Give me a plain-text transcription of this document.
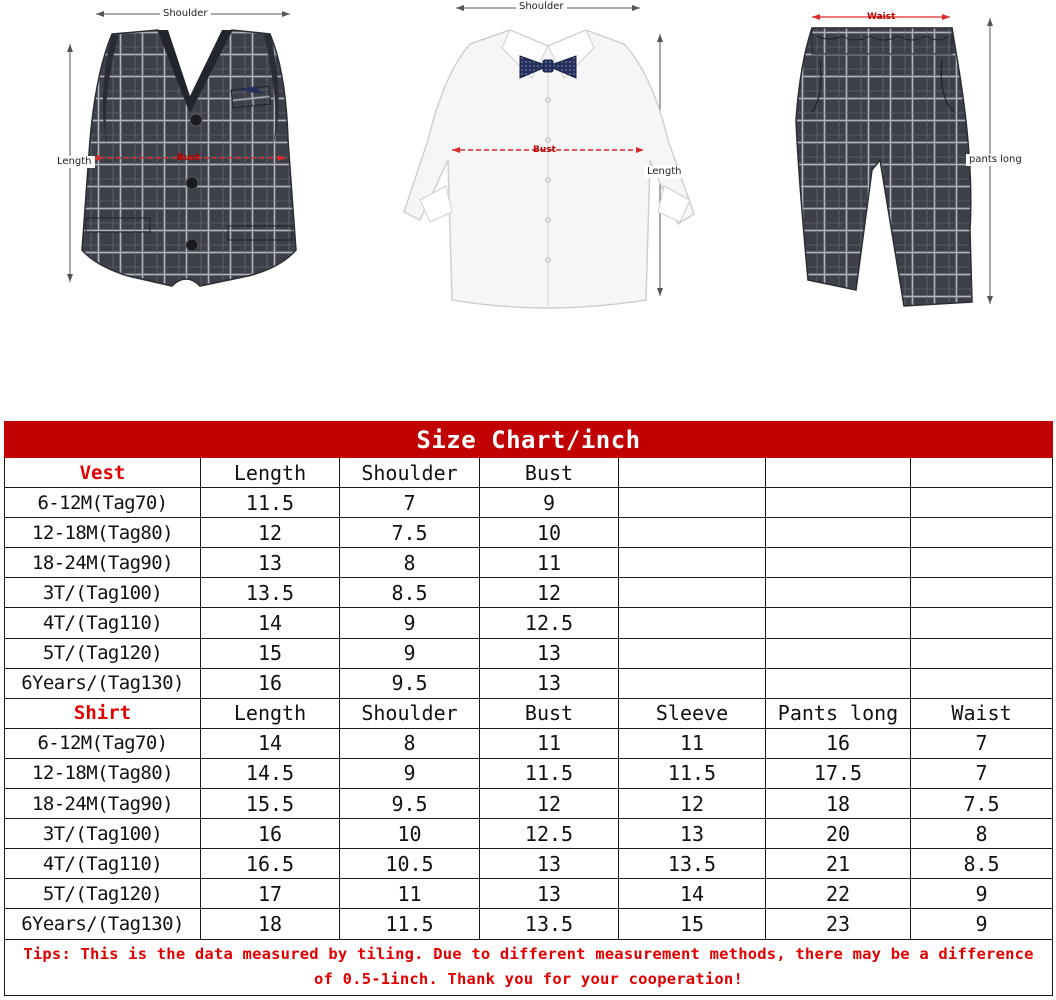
Shoulder
Length	Bust
Shoulder
Length
Bust
Waist
pants long
Size Chart/inch						
Vest	Length	Shoulder	Bust			
6-12M(Tag70)	11.5	7	9			
12-18M(Tag80)	12	7.5	10			
18-24M(Tag90)	13	8	11			
3T/(Tag100)	13.5	8.5	12			
4T/(Tag110)	14	9	12.5			
5T/(Tag120)	15	9	13			
6Years/(Tag130)	16	9.5	13			
Shirt	Length	Shoulder	Bust	Sleeve	Pants long	Waist
6-12M(Tag70)	14	8	11	11	16	7
12-18M(Tag80)	14.5	9	11.5	11.5	17.5	7
18-24M(Tag90)	15.5	9.5	12	12	18	7.5
3T/(Tag100)	16	10	12.5	13	20	8
4T/(Tag110)	16.5	10.5	13	13.5	21	8.5
5T/(Tag120)	17	11	13	14	22	9
6Years/(Tag130)	18	11.5	13.5	15	23	9
Tips: This is the data measured by tiling. Due to different measurement methods, there may be a difference of 0.5-1inch. Thank you for your cooperation!						
